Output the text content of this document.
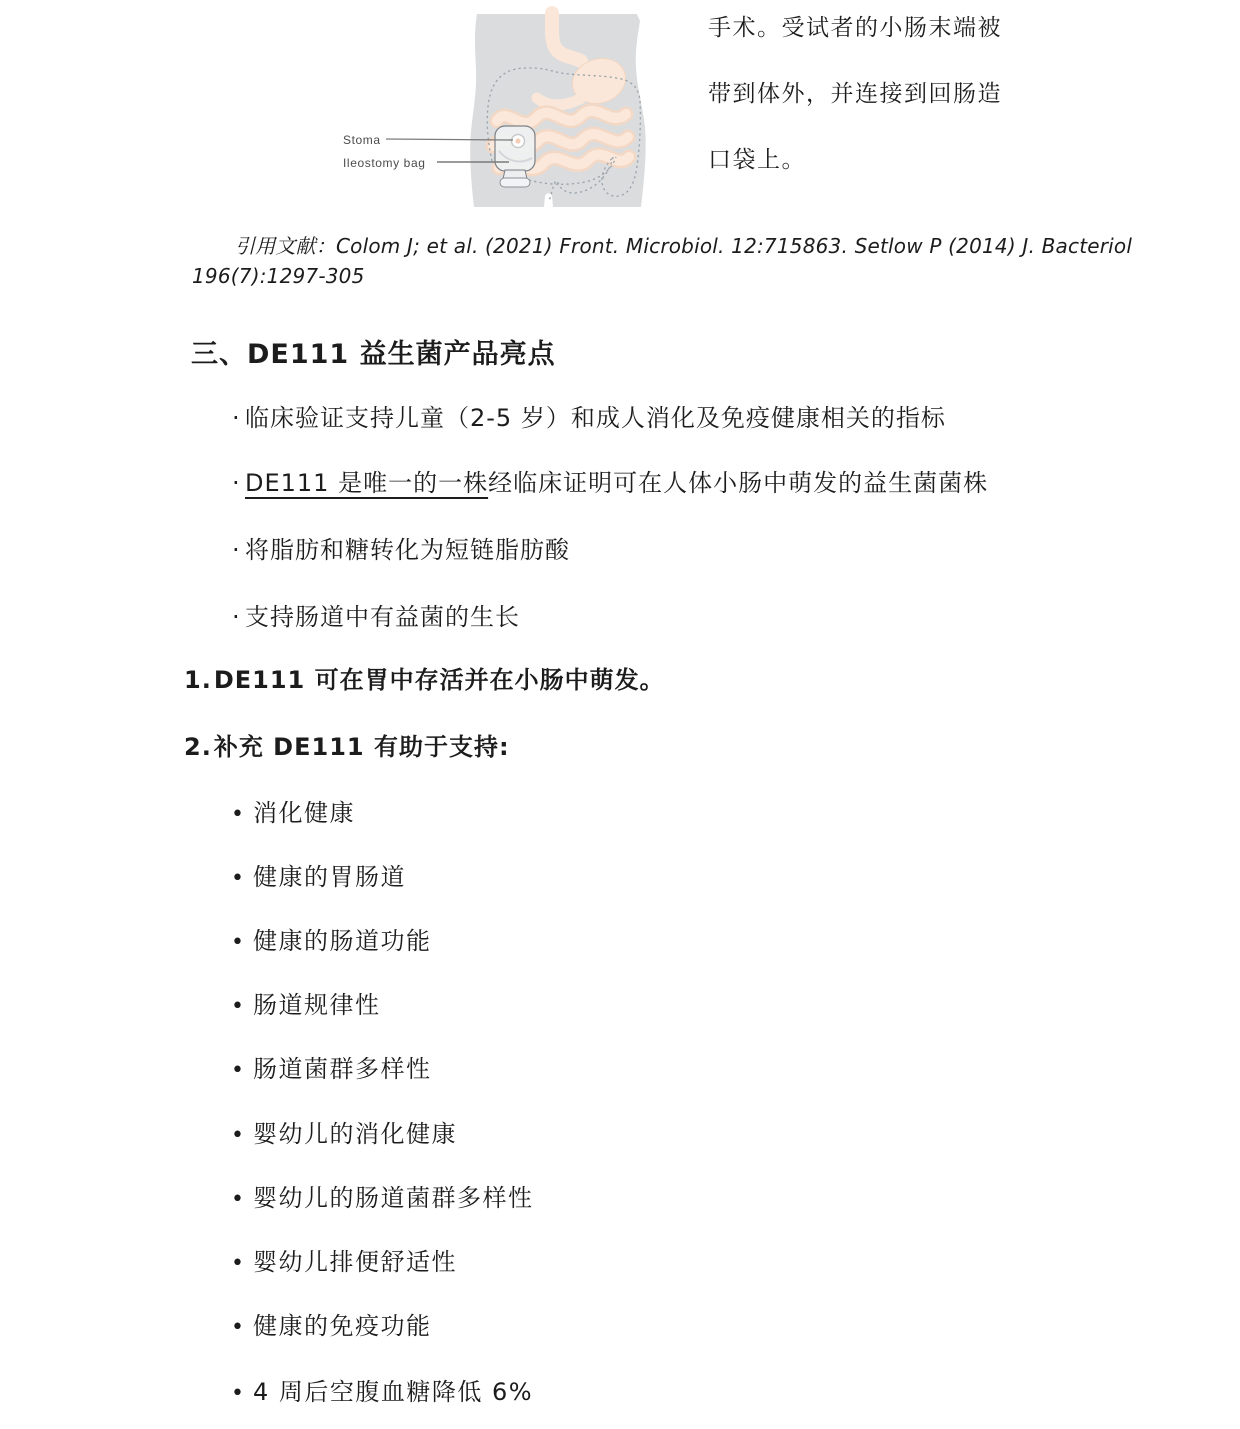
Stoma
Ileostomy bag
手术。受试者的小肠末端被
带到体外，并连接到回肠造
口袋上。
引用文献：Colom J; et al. (2021) Front. Microbiol. 12:715863. Setlow P (2014) J. Bacteriol
196(7):1297-305
三、DE111 益生菌产品亮点
· 临床验证支持儿童（2-5 岁）和成人消化及免疫健康相关的指标
· DE111 是唯一的一株经临床证明可在人体小肠中萌发的益生菌菌株
· 将脂肪和糖转化为短链脂肪酸
· 支持肠道中有益菌的生长
1.DE111 可在胃中存活并在小肠中萌发。
2.补充 DE111 有助于支持:
• 消化健康
• 健康的胃肠道
• 健康的肠道功能
• 肠道规律性
• 肠道菌群多样性
• 婴幼儿的消化健康
• 婴幼儿的肠道菌群多样性
• 婴幼儿排便舒适性
• 健康的免疫功能
• 4 周后空腹血糖降低 6%
